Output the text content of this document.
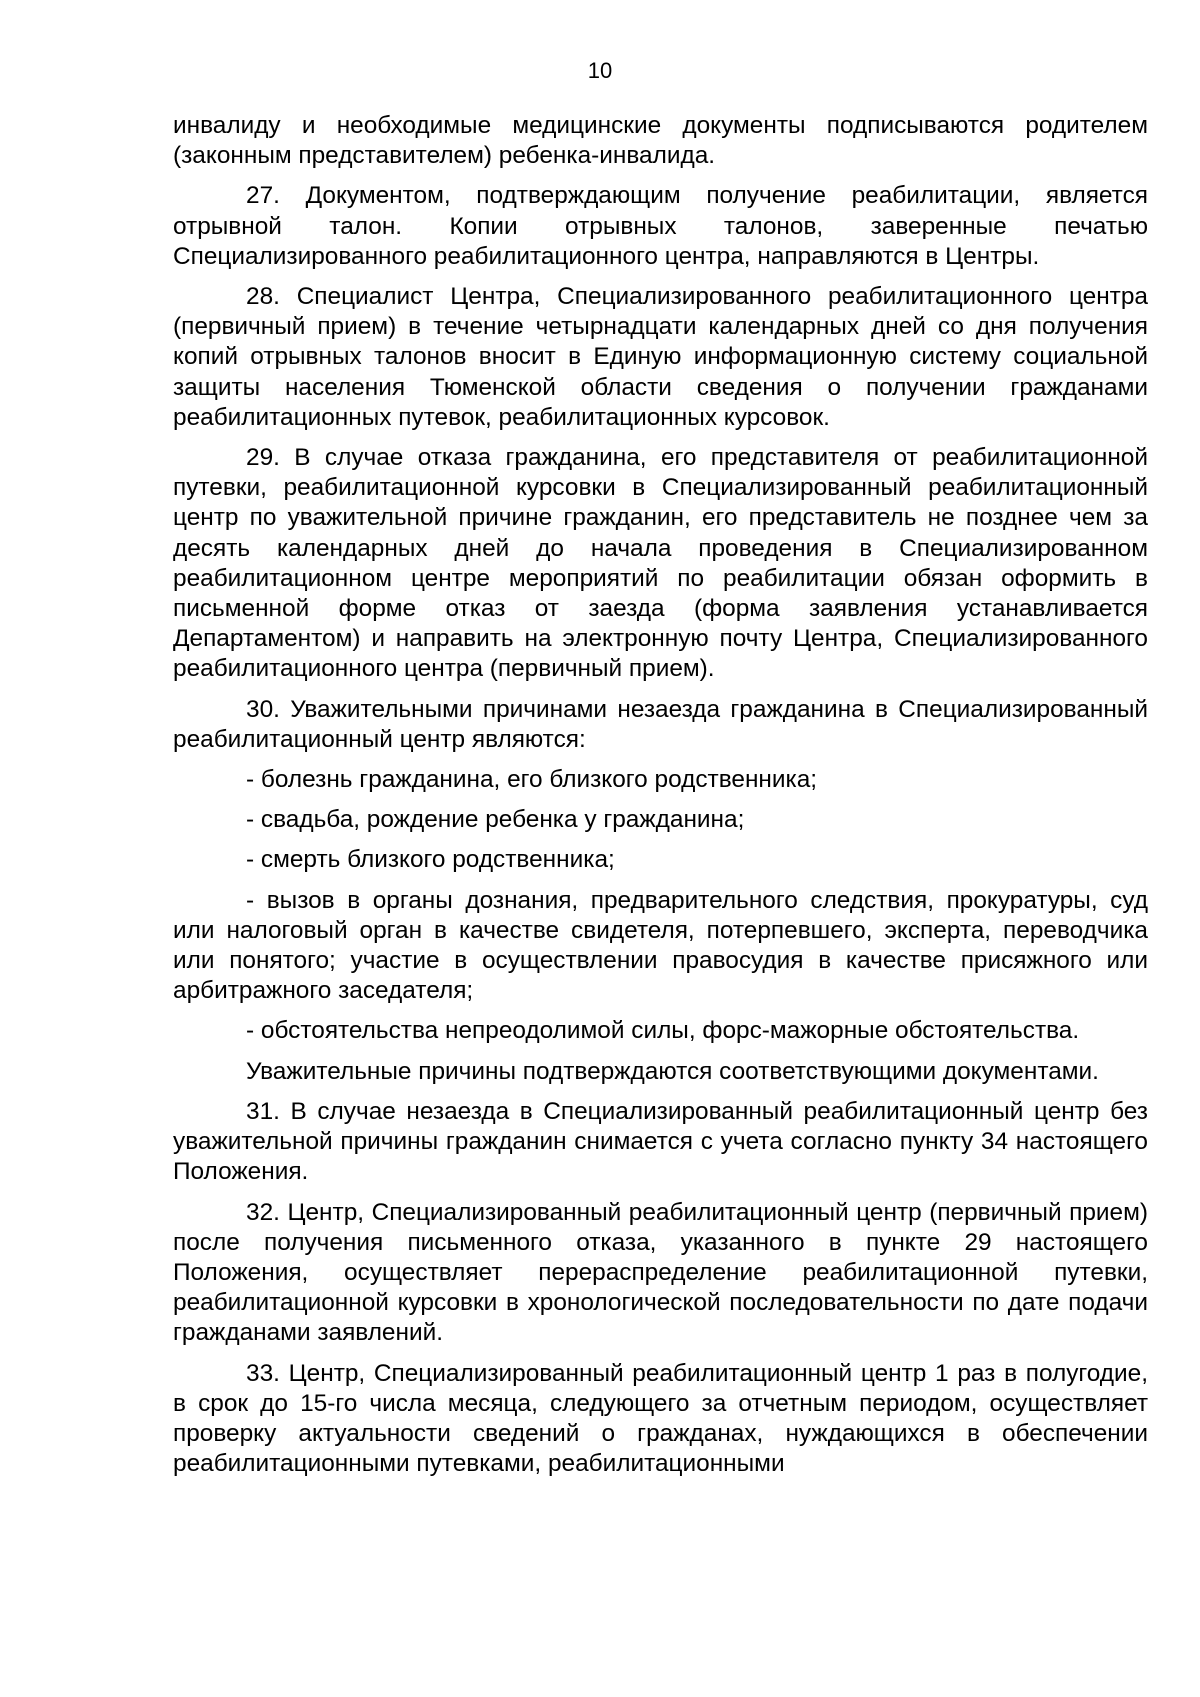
10

инвалиду и необходимые медицинские документы подписываются родителем (законным представителем) ребенка-инвалида.

27. Документом, подтверждающим получение реабилитации, является отрывной талон. Копии отрывных талонов, заверенные печатью Специализированного реабилитационного центра, направляются в Центры.

28. Специалист Центра, Специализированного реабилитационного центра (первичный прием) в течение четырнадцати календарных дней со дня получения копий отрывных талонов вносит в Единую информационную систему социальной защиты населения Тюменской области сведения о получении гражданами реабилитационных путевок, реабилитационных курсовок.

29. В случае отказа гражданина, его представителя от реабилитационной путевки, реабилитационной курсовки в Специализированный реабилитационный центр по уважительной причине гражданин, его представитель не позднее чем за десять календарных дней до начала проведения в Специализированном реабилитационном центре мероприятий по реабилитации обязан оформить в письменной форме отказ от заезда (форма заявления устанавливается Департаментом) и направить на электронную почту Центра, Специализированного реабилитационного центра (первичный прием).

30. Уважительными причинами незаезда гражданина в Специализированный реабилитационный центр являются:

- болезнь гражданина, его близкого родственника;

- свадьба, рождение ребенка у гражданина;

- смерть близкого родственника;

- вызов в органы дознания, предварительного следствия, прокуратуры, суд или налоговый орган в качестве свидетеля, потерпевшего, эксперта, переводчика или понятого; участие в осуществлении правосудия в качестве присяжного или арбитражного заседателя;

- обстоятельства непреодолимой силы, форс-мажорные обстоятельства.

Уважительные причины подтверждаются соответствующими документами.

31. В случае незаезда в Специализированный реабилитационный центр без уважительной причины гражданин снимается с учета согласно пункту 34 настоящего Положения.

32. Центр, Специализированный реабилитационный центр (первичный прием) после получения письменного отказа, указанного в пункте 29 настоящего Положения, осуществляет перераспределение реабилитационной путевки, реабилитационной курсовки в хронологической последовательности по дате подачи гражданами заявлений.

33. Центр, Специализированный реабилитационный центр 1 раз в полугодие, в срок до 15-го числа месяца, следующего за отчетным периодом, осуществляет проверку актуальности сведений о гражданах, нуждающихся в обеспечении реабилитационными путевками, реабилитационными
